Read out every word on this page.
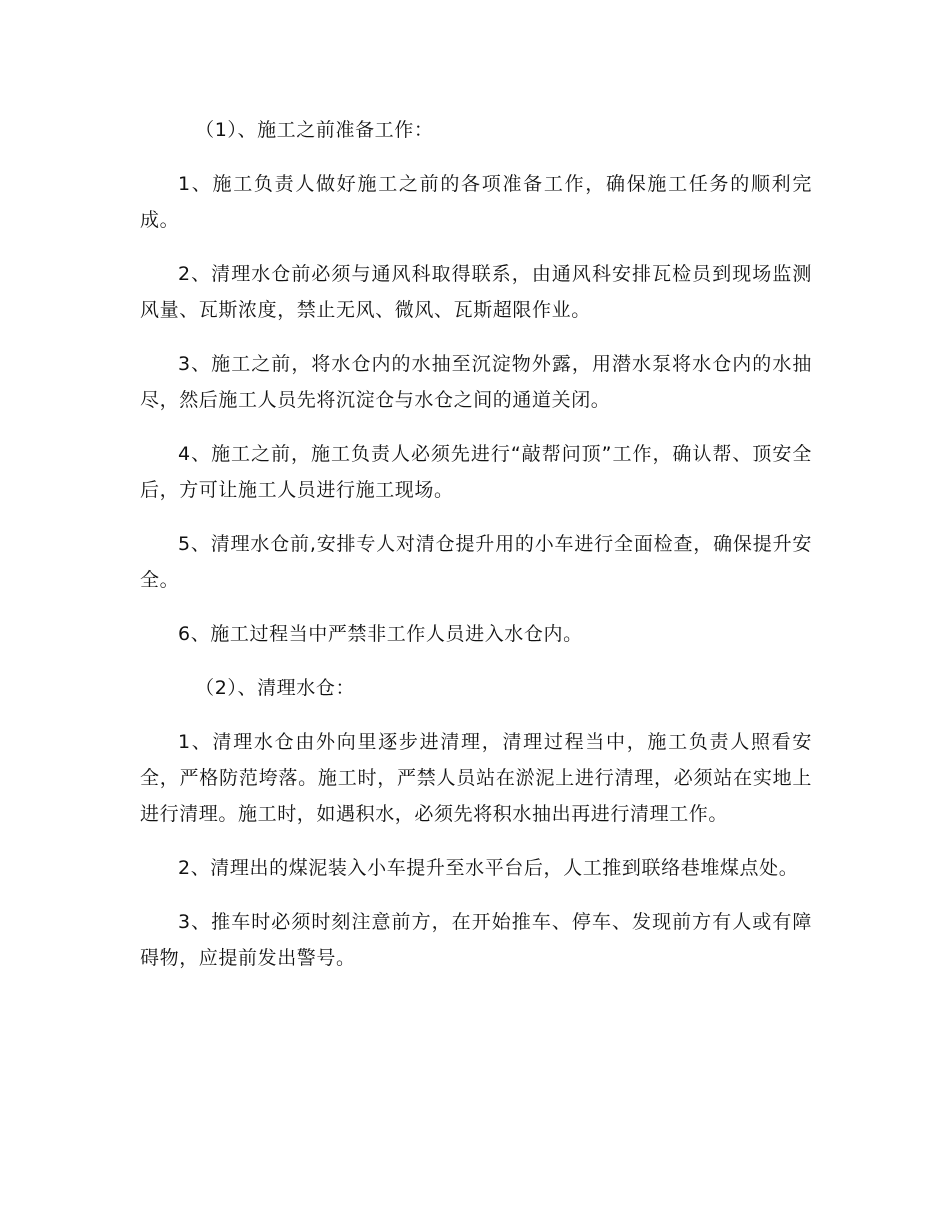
（1）、施工之前准备工作：

1、施工负责人做好施工之前的各项准备工作，确保施工任务的顺利完成。

2、清理水仓前必须与通风科取得联系，由通风科安排瓦检员到现场监测风量、瓦斯浓度，禁止无风、微风、瓦斯超限作业。

3、施工之前，将水仓内的水抽至沉淀物外露，用潜水泵将水仓内的水抽尽，然后施工人员先将沉淀仓与水仓之间的通道关闭。

4、施工之前，施工负责人必须先进行“敲帮问顶”工作，确认帮、顶安全后，方可让施工人员进行施工现场。

5、清理水仓前,安排专人对清仓提升用的小车进行全面检查，确保提升安全。

6、施工过程当中严禁非工作人员进入水仓内。

（2）、清理水仓：

1、清理水仓由外向里逐步进清理，清理过程当中，施工负责人照看安全，严格防范垮落。施工时，严禁人员站在淤泥上进行清理，必须站在实地上进行清理。施工时，如遇积水，必须先将积水抽出再进行清理工作。

2、清理出的煤泥装入小车提升至水平台后，人工推到联络巷堆煤点处。

3、推车时必须时刻注意前方，在开始推车、停车、发现前方有人或有障碍物，应提前发出警号。
